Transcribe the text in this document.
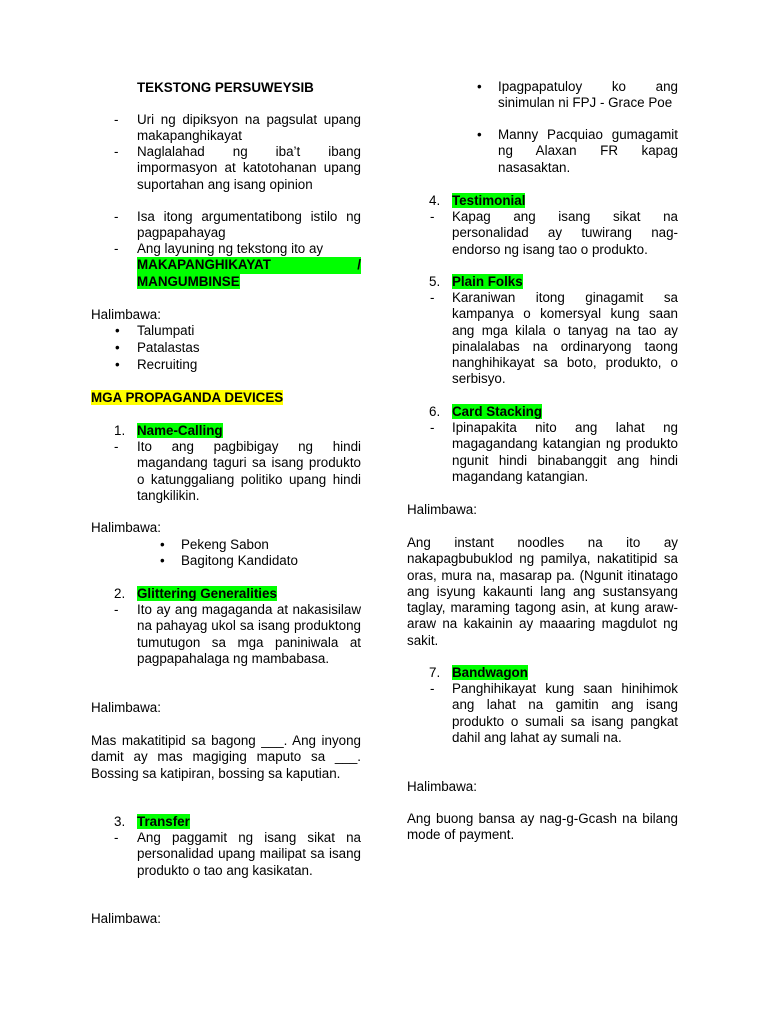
TEKSTONG PERSUWEYSIB
- Uri ng dipiksyon na pagsulat upang makapanghikayat

- Naglalahad ng iba’t ibang impormasyon at katotohanan upang suportahan ang isang opinion

- Isa itong argumentatibong istilo ng pagpapahayag

- Ang layuning ng tekstong ito ay

MAKAPANGHIKAYAT	/
MANGUMBINSE
Halimbawa:
• Talumpati
• Patalastas
• Recruiting
MGA PROPAGANDA DEVICES
1. Name-Calling
- Ito ang pagbibigay ng hindi magandang taguri sa isang produkto o katunggaliang politiko upang hindi tangkilikin.

Halimbawa:
• Pekeng Sabon
• Bagitong Kandidato
2. Glittering Generalities
- Ito ay ang magaganda at nakasisilaw na pahayag ukol sa isang produktong tumutugon sa mga paniniwala at pagpapahalaga ng mambabasa.

Halimbawa:

Mas makatitipid sa bagong ___. Ang inyong damit ay mas magiging maputo sa ___. Bossing sa katipiran, bossing sa kaputian.

3. Transfer
- Ang paggamit ng isang sikat na personalidad upang mailipat sa isang produkto o tao ang kasikatan.

Halimbawa:
• Ipagpapatuloy ko ang sinimulan ni FPJ - Grace Poe

• Manny Pacquiao gumagamit ng Alaxan FR kapag nasasaktan.

4. Testimonial
- Kapag ang isang sikat na personalidad ay tuwirang nag-endorso ng isang tao o produkto.

5. Plain Folks
- Karaniwan itong ginagamit sa kampanya o komersyal kung saan ang mga kilala o tanyag na tao ay pinalalabas na ordinaryong taong nanghihikayat sa boto, produkto, o serbisyo.

6. Card Stacking
- Ipinapakita nito ang lahat ng magagandang katangian ng produkto ngunit hindi binabanggit ang hindi magandang katangian.

Halimbawa:

Ang instant noodles na ito ay nakapagbubuklod ng pamilya, nakatitipid sa oras, mura na, masarap pa. (Ngunit itinatago ang isyung kakaunti lang ang sustansyang taglay, maraming tagong asin, at kung araw-araw na kakainin ay maaaring magdulot ng sakit.

7. Bandwagon
- Panghihikayat kung saan hinihimok ang lahat na gamitin ang isang produkto o sumali sa isang pangkat dahil ang lahat ay sumali na.

Halimbawa:

Ang buong bansa ay nag-g-Gcash na bilang mode of payment.
